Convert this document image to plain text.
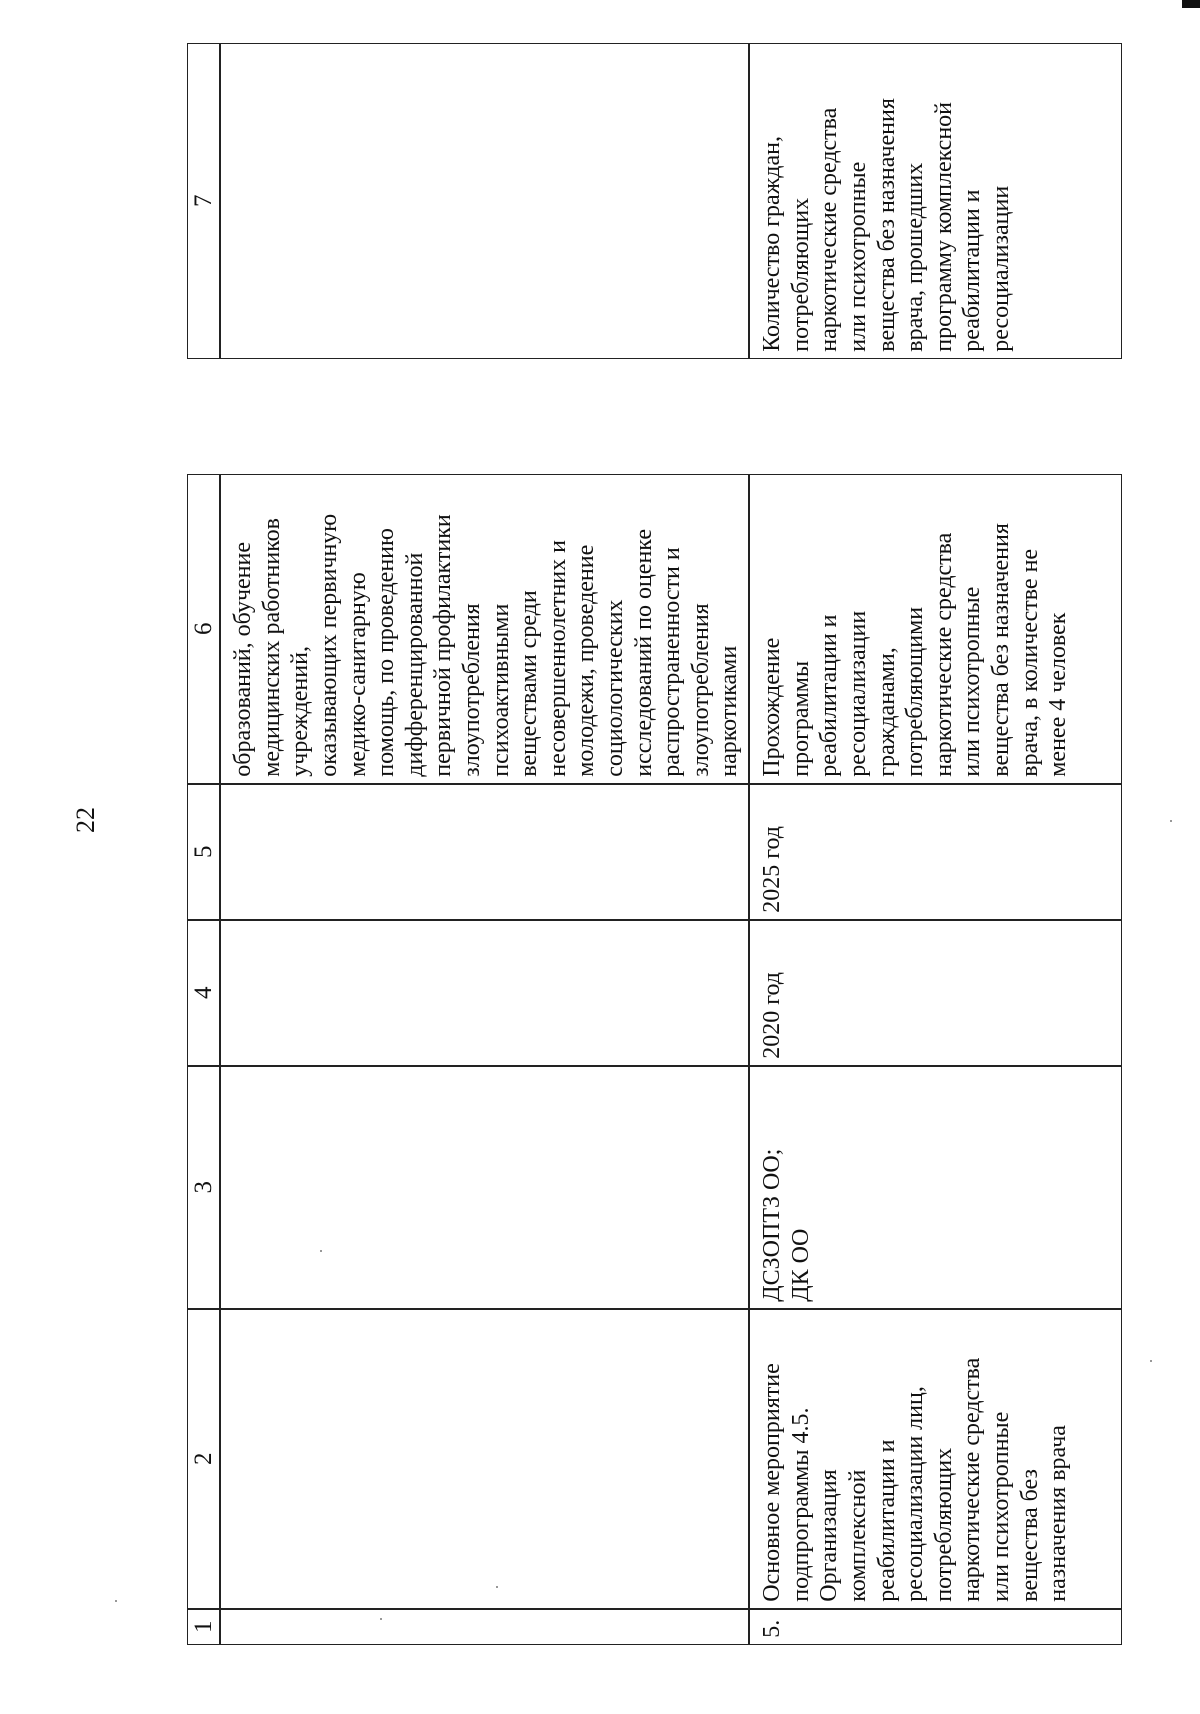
22
1
2
3
4
5
6
образований, обучение
медицинских работников
учреждений,
оказывающих первичную
медико-санитарную
помощь, по проведению
дифференцированной
первичной профилактики
злоупотребления
психоактивными
веществами среди
несовершеннолетних и
молодежи, проведение
социологических
исследований по оценке
распространенности и
злоупотребления
наркотиками
5.
Основное мероприятие
подпрограммы 4.5.
Организация
комплексной
реабилитации и
ресоциализации лиц,
потребляющих
наркотические средства
или психотропные
вещества без
назначения врача
ДСЗОПТЗ ОО;
ДК ОО
2020 год
2025 год
Прохождение
программы
реабилитации и
ресоциализации
гражданами,
потребляющими
наркотические средства
или психотропные
вещества без назначения
врача, в количестве не
менее 4 человек
7
Количество граждан,
потребляющих
наркотические средства
или психотропные
вещества без назначения
врача, прошедших
программу комплексной
реабилитации и
ресоциализации
